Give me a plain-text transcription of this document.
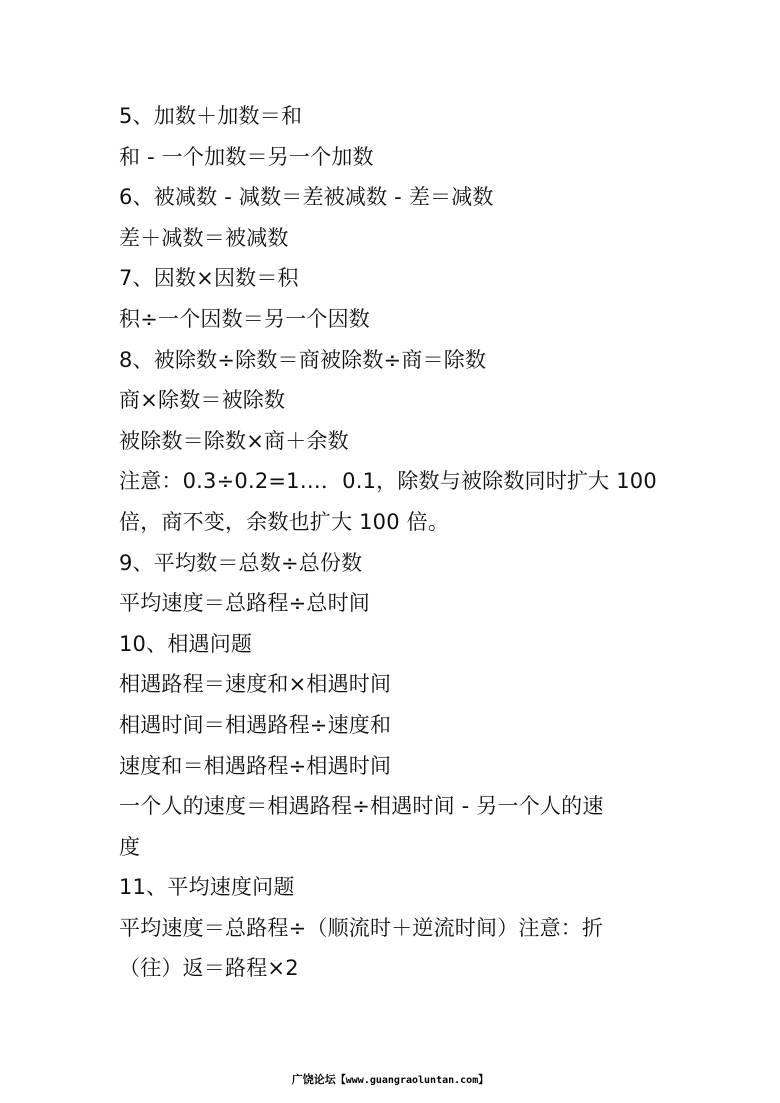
5、加数＋加数＝和
和 - 一个加数＝另一个加数
6、被减数 - 减数＝差被减数 - 差＝减数
差＋减数＝被减数
7、因数×因数＝积
积÷一个因数＝另一个因数
8、被除数÷除数＝商被除数÷商＝除数
商×除数＝被除数
被除数＝除数×商＋余数
注意：0.3÷0.2=1…．0.1，除数与被除数同时扩大 100
倍，商不变，余数也扩大 100 倍。
9、平均数＝总数÷总份数
平均速度＝总路程÷总时间
10、相遇问题
相遇路程＝速度和×相遇时间
相遇时间＝相遇路程÷速度和
速度和＝相遇路程÷相遇时间
一个人的速度＝相遇路程÷相遇时间 - 另一个人的速
度
11、平均速度问题
平均速度＝总路程÷（顺流时＋逆流时间）注意：折
（往）返＝路程×2
广饶论坛【www.guangraoluntan.com】
